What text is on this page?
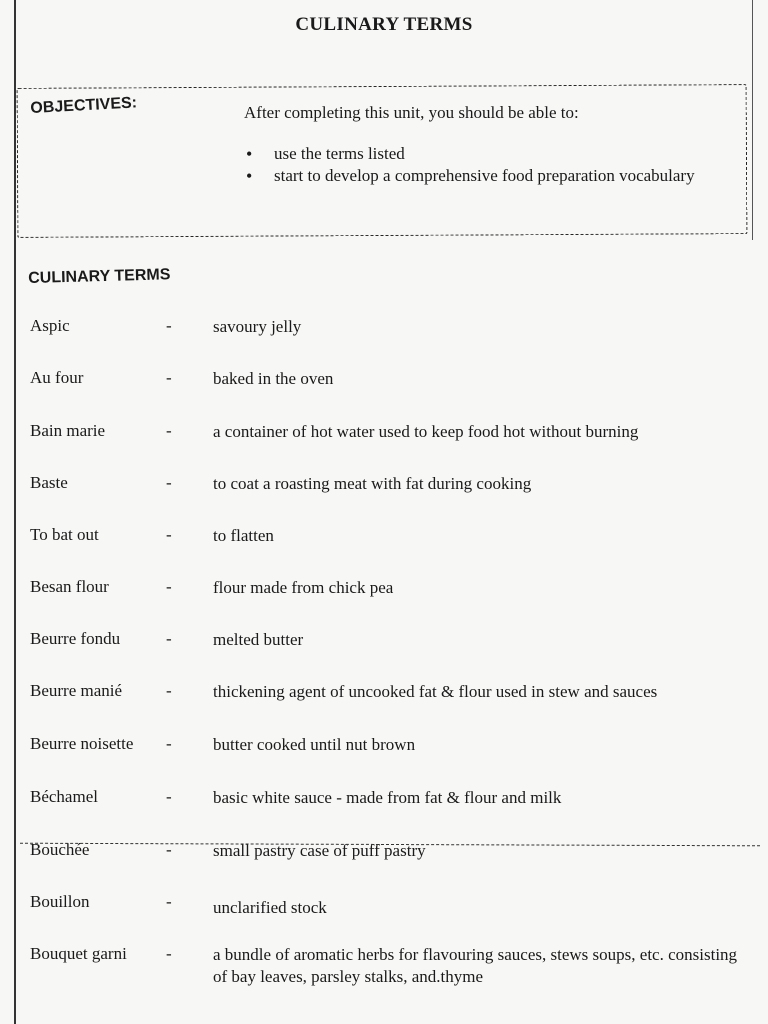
CULINARY TERMS
OBJECTIVES:	After completing this unit, you should be able to:
• use the terms listed
• start to develop a comprehensive food preparation vocabulary
CULINARY TERMS
Aspic	- savoury jelly
Au four	- baked in the oven
Bain marie	- a container of hot water used to keep food hot without burning
Baste	- to coat a roasting meat with fat during cooking
To bat out	- to flatten
Besan flour	- flour made from chick pea
Beurre fondu	- melted butter
Beurre manié	- thickening agent of uncooked fat & flour used in stew and sauces
Beurre noisette - butter cooked until nut brown
Béchamel	- basic white sauce - made from fat & flour and milk
Bouchée	- small pastry case of puff pastry
Bouillon	- unclarified stock
Bouquet garni - a bundle of aromatic herbs for flavouring sauces, stews soups, etc. consisting of bay leaves, parsley stalks, and.thyme
